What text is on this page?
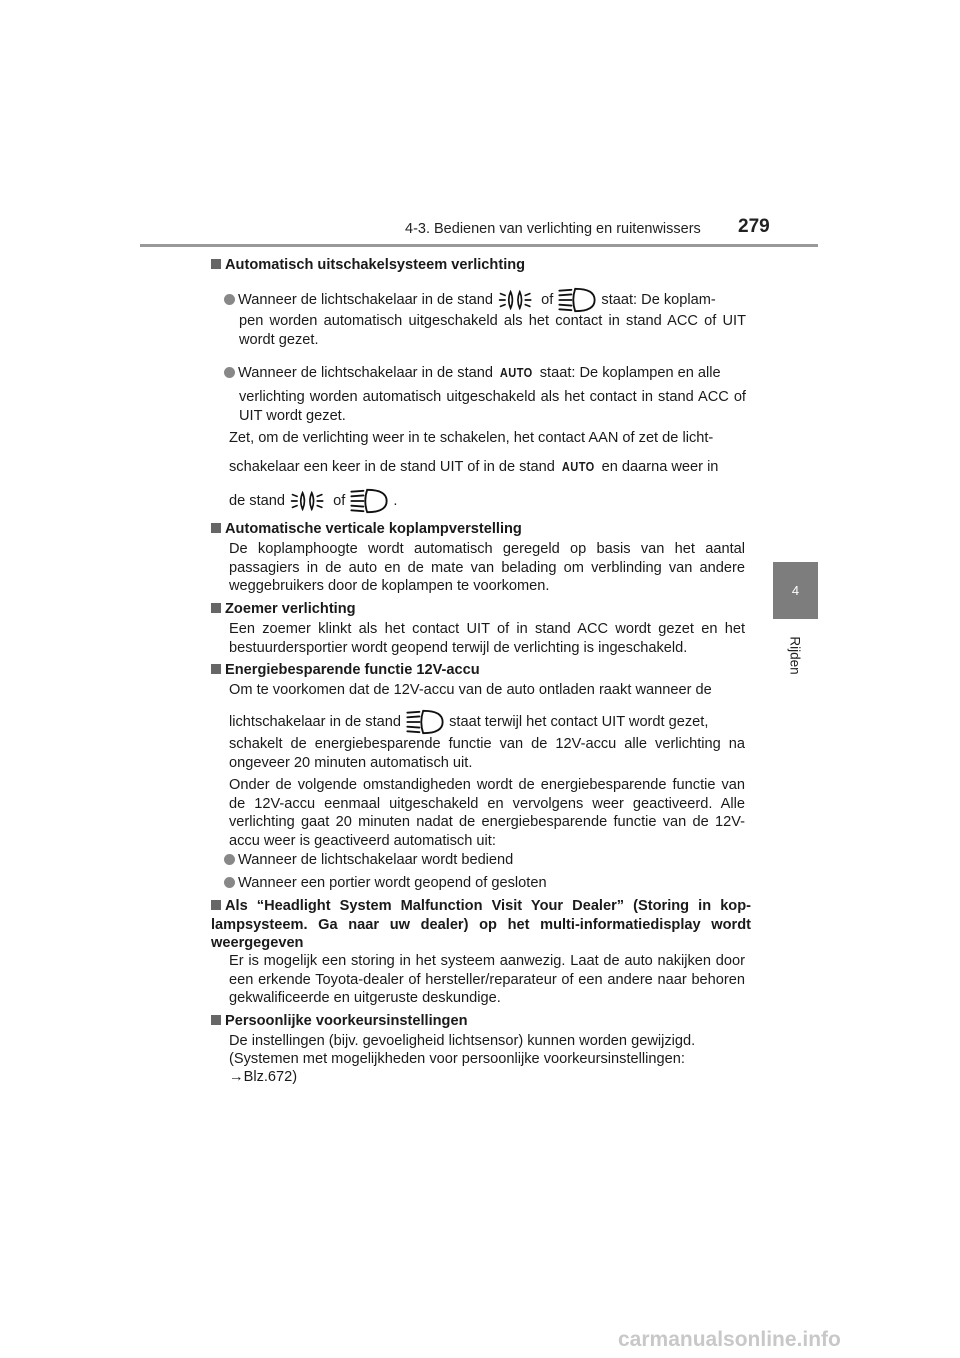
4-3. Bedienen van verlichting en ruitenwissers 279
4
Rijden
Automatisch uitschakelsysteem verlichting
Wanneer de lichtschakelaar in de stand	of	staat: De koplam-
pen worden automatisch uitgeschakeld als het contact in stand ACC of UIT wordt gezet.
Wanneer de lichtschakelaar in de stand AUTO staat: De koplampen en alle
verlichting worden automatisch uitgeschakeld als het contact in stand ACC of UIT wordt gezet.
Zet, om de verlichting weer in te schakelen, het contact AAN of zet de licht-
schakelaar een keer in de stand UIT of in de stand AUTO en daarna weer in
de stand	of	.
Automatische verticale koplampverstelling
De koplamphoogte wordt automatisch geregeld op basis van het aantal passagiers in de auto en de mate van belading om verblinding van andere weggebruikers door de koplampen te voorkomen.
Zoemer verlichting
Een zoemer klinkt als het contact UIT of in stand ACC wordt gezet en het bestuurdersportier wordt geopend terwijl de verlichting is ingeschakeld.
Energiebesparende functie 12V-accu
Om te voorkomen dat de 12V-accu van de auto ontladen raakt wanneer de
lichtschakelaar in de stand	staat terwijl het contact UIT wordt gezet,
schakelt de energiebesparende functie van de 12V-accu alle verlichting na ongeveer 20 minuten automatisch uit.
Onder de volgende omstandigheden wordt de energiebesparende functie van de 12V-accu eenmaal uitgeschakeld en vervolgens weer geactiveerd. Alle verlichting gaat 20 minuten nadat de energiebesparende functie van de 12V-accu weer is geactiveerd automatisch uit:
Wanneer de lichtschakelaar wordt bediend
Wanneer een portier wordt geopend of gesloten
Als “Headlight System Malfunction Visit Your Dealer” (Storing in kop-lampsysteem. Ga naar uw dealer) op het multi-informatiedisplay wordt weergegeven
Er is mogelijk een storing in het systeem aanwezig. Laat de auto nakijken door een erkende Toyota-dealer of hersteller/reparateur of een andere naar behoren gekwalificeerde en uitgeruste deskundige.
Persoonlijke voorkeursinstellingen
De instellingen (bijv. gevoeligheid lichtsensor) kunnen worden gewijzigd.
(Systemen met mogelijkheden voor persoonlijke voorkeursinstellingen:
→Blz.672)
carmanualsonline.info
